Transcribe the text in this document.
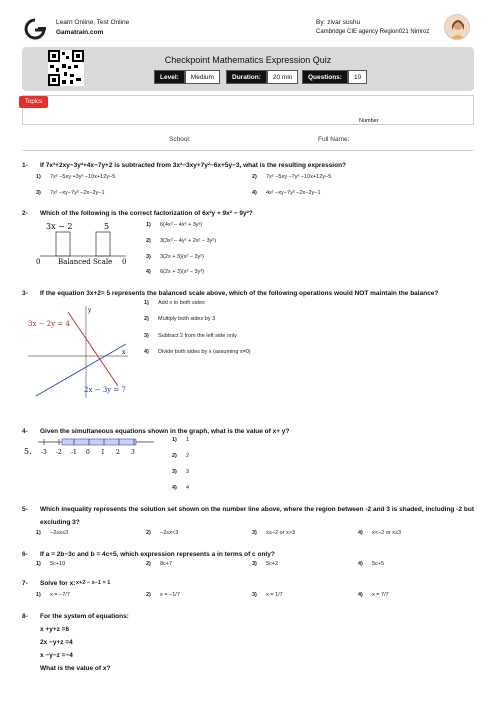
Learn Online, Test Online
Gamatrain.com
By: zivar sushu
Cambridge CIE agency Region021 Nimroz
Checkpoint Mathematics Expression Quiz
Level:	Medium	Duration:	20 min	Questions:	10
Topics
Number
School:	Full Name:
1- If 7x²+2xy−3y²+4x−7y+2 is subtracted from 3x²−3xy+7y²−6x+5y−3, what is the resulting expression?
1) 7x² −5xy +3y² −10x+12y−5	2) 7x² −5xy −7y² −10x+12y−5
3) 7x² −xy−7y² −2x−2y−1	4) 4x² −xy−7y² −2x−2y−1
2- Which of the following is the correct factorization of 6x²y + 9x² − 9y²?
3x − 2	5
0	Balanced Scale 0
1) 6(4x² − 4x³ + 3y²)
2) 3(3x² − 4y² + 2x² − 3y²)
3) 3(2x + 3)(x² − 3y²)
4) 6(2x + 3)(x² − 3y²)
3- If the equation 3x+2= 5 represents the balanced scale above, which of the following operations would NOT maintain the balance?
y
x
3x − 2y = 4
2x − 3y = 7
1) Add x to both sides
2) Multiply both sides by 3
3) Subtract 2 from the left side only
4) Divide both sides by x (assuming x≠0)
4- Given the simultaneous equations shown in the graph, what is the value of x+ y?
5. -3 -2 -1 0 1 2 3
1) 1
2) 2
3) 3
4) 4
5- Which inequality represents the solution set shown on the number line above, where the region between -2 and 3 is shaded, including -2 but excluding 3?
1) −2≤x≤3	2) −2≤x<3	3) x≤−2 or x>3	4) x<−2 or x≥3
6- If a = 2b−3c and b = 4c+5, which expression represents a in terms of c only?
1) 5c+10	2) 8c+7	3) 5c+2	4) 5c+5
7- Solve for x: x+2 − x−1 = 1
1) x = −7/7	2) x = −1/7	3) x = 1/7	4) x = 7/7
8- For the system of equations:
x +y+z =6
2x −y+z =4
x −y−z =−4
What is the value of x?
